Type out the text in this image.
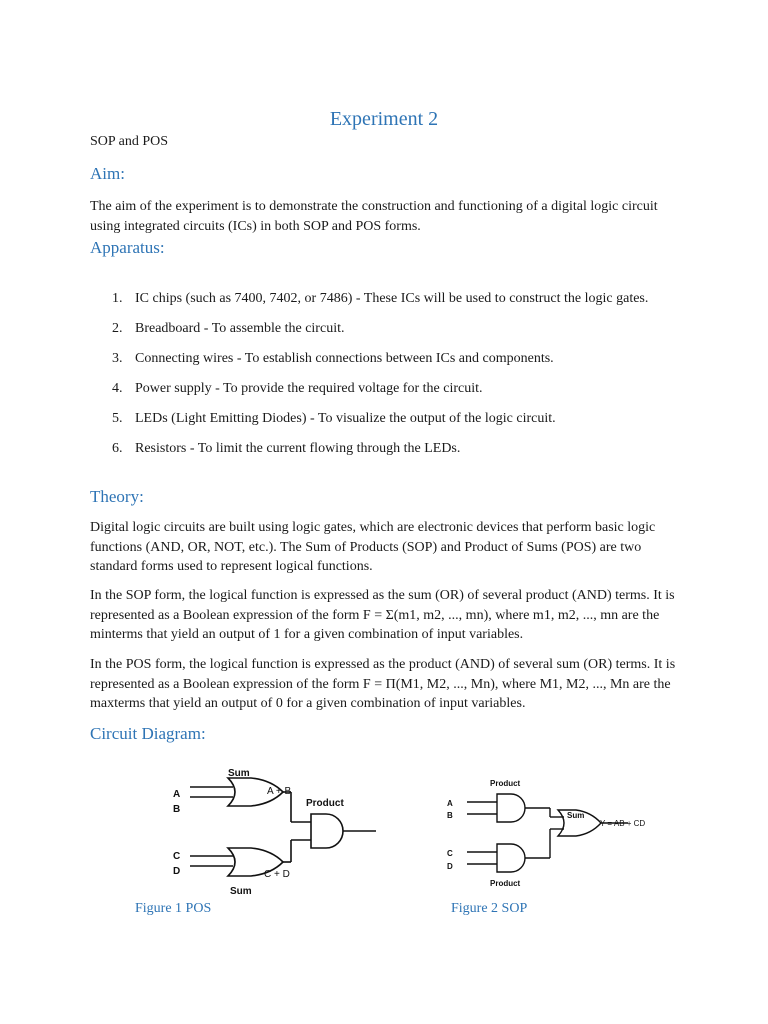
Experiment 2
SOP and POS
Aim:
The aim of the experiment is to demonstrate the construction and functioning of a digital logic circuit using integrated circuits (ICs) in both SOP and POS forms.
Apparatus:
1. IC chips (such as 7400, 7402, or 7486) - These ICs will be used to construct the logic gates.
2. Breadboard - To assemble the circuit.
3. Connecting wires - To establish connections between ICs and components.
4. Power supply - To provide the required voltage for the circuit.
5. LEDs (Light Emitting Diodes) - To visualize the output of the logic circuit.
6. Resistors - To limit the current flowing through the LEDs.
Theory:
Digital logic circuits are built using logic gates, which are electronic devices that perform basic logic functions (AND, OR, NOT, etc.). The Sum of Products (SOP) and Product of Sums (POS) are two standard forms used to represent logical functions.
In the SOP form, the logical function is expressed as the sum (OR) of several product (AND) terms. It is represented as a Boolean expression of the form F = Σ(m1, m2, ..., mn), where m1, m2, ..., mn are the minterms that yield an output of 1 for a given combination of input variables.
In the POS form, the logical function is expressed as the product (AND) of several sum (OR) terms. It is represented as a Boolean expression of the form F = Π(M1, M2, ..., Mn), where M1, M2, ..., Mn are the maxterms that yield an output of 0 for a given combination of input variables.
Circuit Diagram:
Sum
A
B
A + B
Product
C
D	C + D
Sum
Figure 1 POS
Product
A
B	Sum
Y = AB + CD
C
D
Product
Figure 2 SOP
